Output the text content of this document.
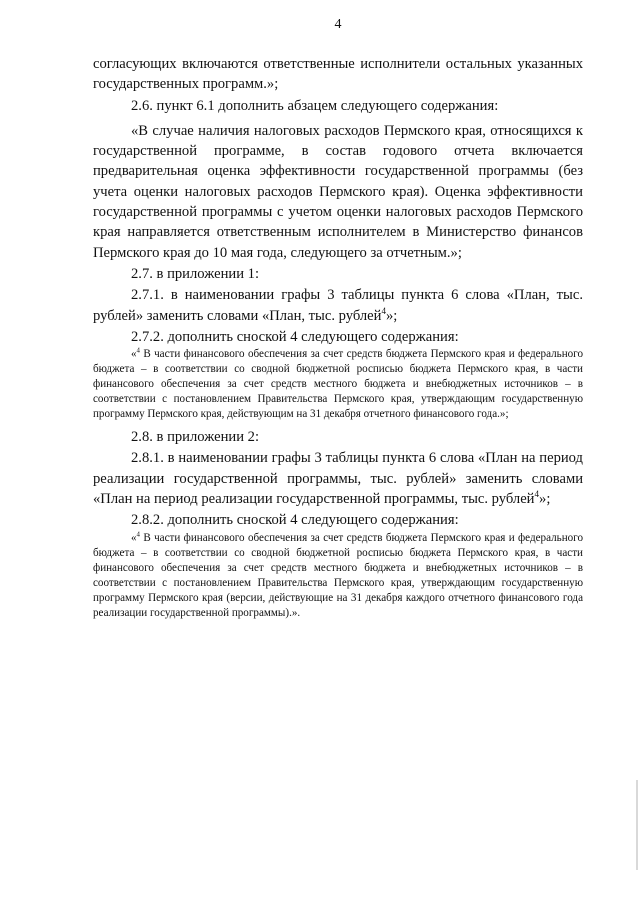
4

согласующих включаются ответственные исполнители остальных указанных государственных программ.»;

2.6. пункт 6.1 дополнить абзацем следующего содержания:

«В случае наличия налоговых расходов Пермского края, относящихся к государственной программе, в состав годового отчета включается предварительная оценка эффективности государственной программы (без учета оценки налоговых расходов Пермского края). Оценка эффективности государственной программы с учетом оценки налоговых расходов Пермского края направляется ответственным исполнителем в Министерство финансов Пермского края до 10 мая года, следующего за отчетным.»;

2.7. в приложении 1:

2.7.1. в наименовании графы 3 таблицы пункта 6 слова «План, тыс. рублей» заменить словами «План, тыс. рублей$^4$»;

2.7.2. дополнить сноской 4 следующего содержания:

«$^4$ В части финансового обеспечения за счет средств бюджета Пермского края и федерального бюджета – в соответствии со сводной бюджетной росписью бюджета Пермского края, в части финансового обеспечения за счет средств местного бюджета и внебюджетных источников – в соответствии с постановлением Правительства Пермского края, утверждающим государственную программу Пермского края, действующим на 31 декабря отчетного финансового года.»;

2.8. в приложении 2:

2.8.1. в наименовании графы 3 таблицы пункта 6 слова «План на период реализации государственной программы, тыс. рублей» заменить словами «План на период реализации государственной программы, тыс. рублей$^4$»;

2.8.2. дополнить сноской 4 следующего содержания:

«$^4$ В части финансового обеспечения за счет средств бюджета Пермского края и федерального бюджета – в соответствии со сводной бюджетной росписью бюджета Пермского края, в части финансового обеспечения за счет средств местного бюджета и внебюджетных источников – в соответствии с постановлением Правительства Пермского края, утверждающим государственную программу Пермского края (версии, действующие на 31 декабря каждого отчетного финансового года реализации государственной программы).».
